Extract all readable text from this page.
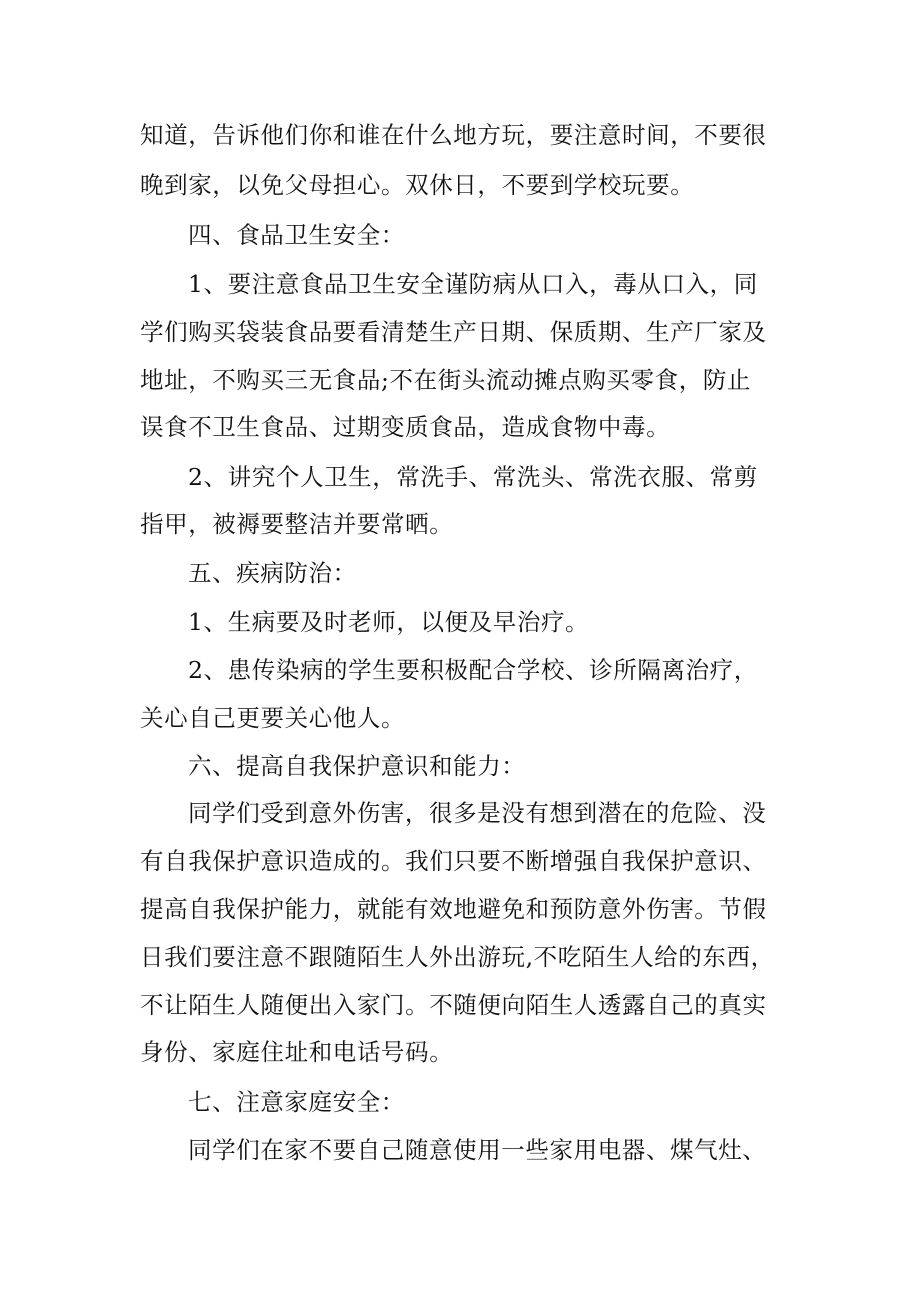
知道，告诉他们你和谁在什么地方玩，要注意时间，不要很
晚到家，以免父母担心。双休日，不要到学校玩要。
四、食品卫生安全：
1、要注意食品卫生安全谨防病从口入，毒从口入，同
学们购买袋装食品要看清楚生产日期、保质期、生产厂家及
地址，不购买三无食品;不在街头流动摊点购买零食，防止
误食不卫生食品、过期变质食品，造成食物中毒。
2、讲究个人卫生，常洗手、常洗头、常洗衣服、常剪
指甲，被褥要整洁并要常晒。
五、疾病防治：
1、生病要及时老师，以便及早治疗。
2、患传染病的学生要积极配合学校、诊所隔离治疗，
关心自己更要关心他人。
六、提高自我保护意识和能力：
同学们受到意外伤害，很多是没有想到潜在的危险、没
有自我保护意识造成的。我们只要不断增强自我保护意识、
提高自我保护能力，就能有效地避免和预防意外伤害。节假
日我们要注意不跟随陌生人外出游玩,不吃陌生人给的东西，
不让陌生人随便出入家门。不随便向陌生人透露自己的真实
身份、家庭住址和电话号码。
七、注意家庭安全：
同学们在家不要自己随意使用一些家用电器、煤气灶、
